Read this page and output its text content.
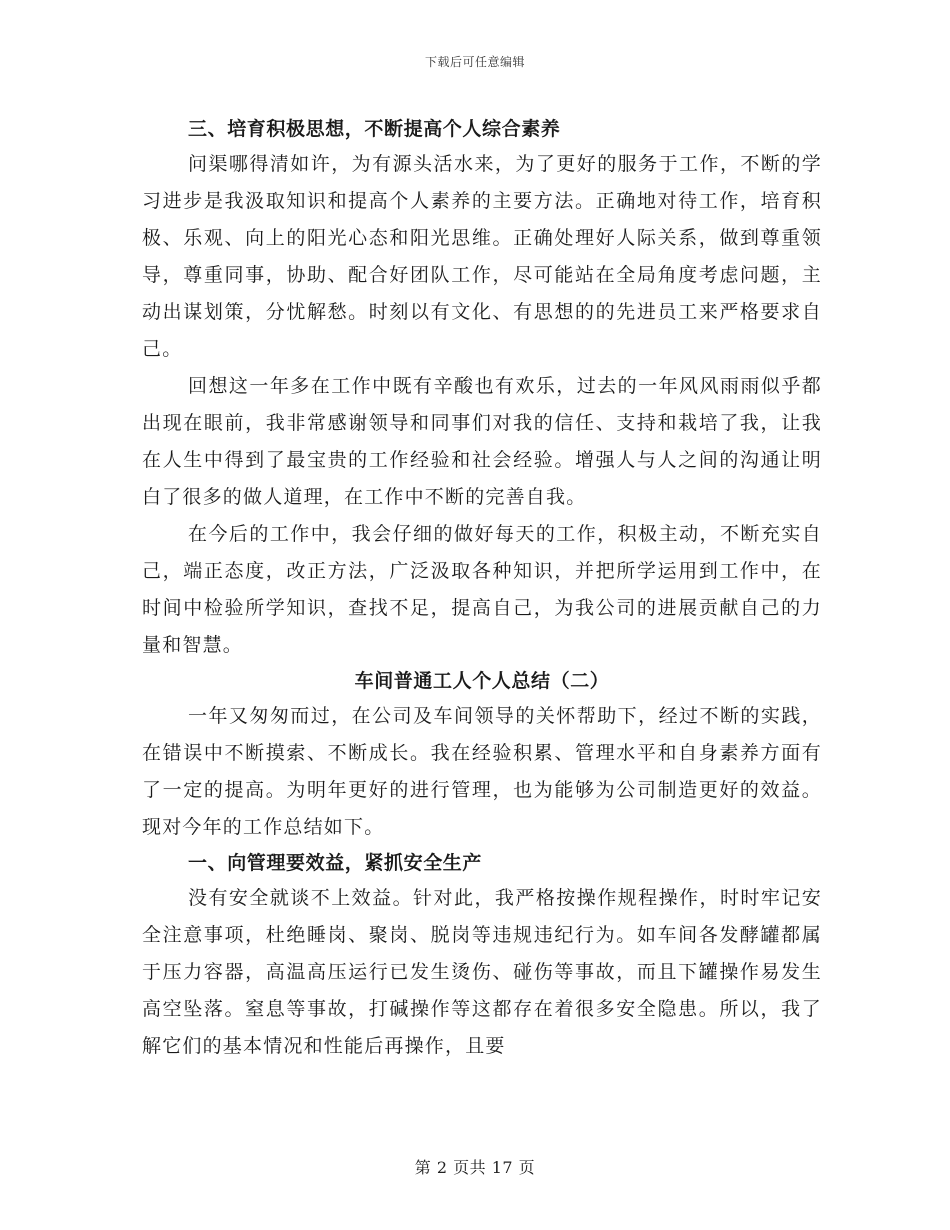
下载后可任意编辑

三、培育积极思想，不断提高个人综合素养

问渠哪得清如许，为有源头活水来，为了更好的服务于工作，不断的学习进步是我汲取知识和提高个人素养的主要方法。正确地对待工作，培育积极、乐观、向上的阳光心态和阳光思维。正确处理好人际关系，做到尊重领导，尊重同事，协助、配合好团队工作，尽可能站在全局角度考虑问题，主动出谋划策，分忧解愁。时刻以有文化、有思想的的先进员工来严格要求自己。

回想这一年多在工作中既有辛酸也有欢乐，过去的一年风风雨雨似乎都出现在眼前，我非常感谢领导和同事们对我的信任、支持和栽培了我，让我在人生中得到了最宝贵的工作经验和社会经验。增强人与人之间的沟通让明白了很多的做人道理，在工作中不断的完善自我。

在今后的工作中，我会仔细的做好每天的工作，积极主动，不断充实自己，端正态度，改正方法，广泛汲取各种知识，并把所学运用到工作中，在时间中检验所学知识，查找不足，提高自己，为我公司的进展贡献自己的力量和智慧。

车间普通工人个人总结（二）

一年又匆匆而过，在公司及车间领导的关怀帮助下，经过不断的实践，在错误中不断摸索、不断成长。我在经验积累、管理水平和自身素养方面有了一定的提高。为明年更好的进行管理，也为能够为公司制造更好的效益。现对今年的工作总结如下。

一、向管理要效益，紧抓安全生产

没有安全就谈不上效益。针对此，我严格按操作规程操作，时时牢记安全注意事项，杜绝睡岗、聚岗、脱岗等违规违纪行为。如车间各发酵罐都属于压力容器，高温高压运行已发生烫伤、碰伤等事故，而且下罐操作易发生高空坠落。窒息等事故，打碱操作等这都存在着很多安全隐患。所以，我了解它们的基本情况和性能后再操作，且要

第 2 页共 17 页
